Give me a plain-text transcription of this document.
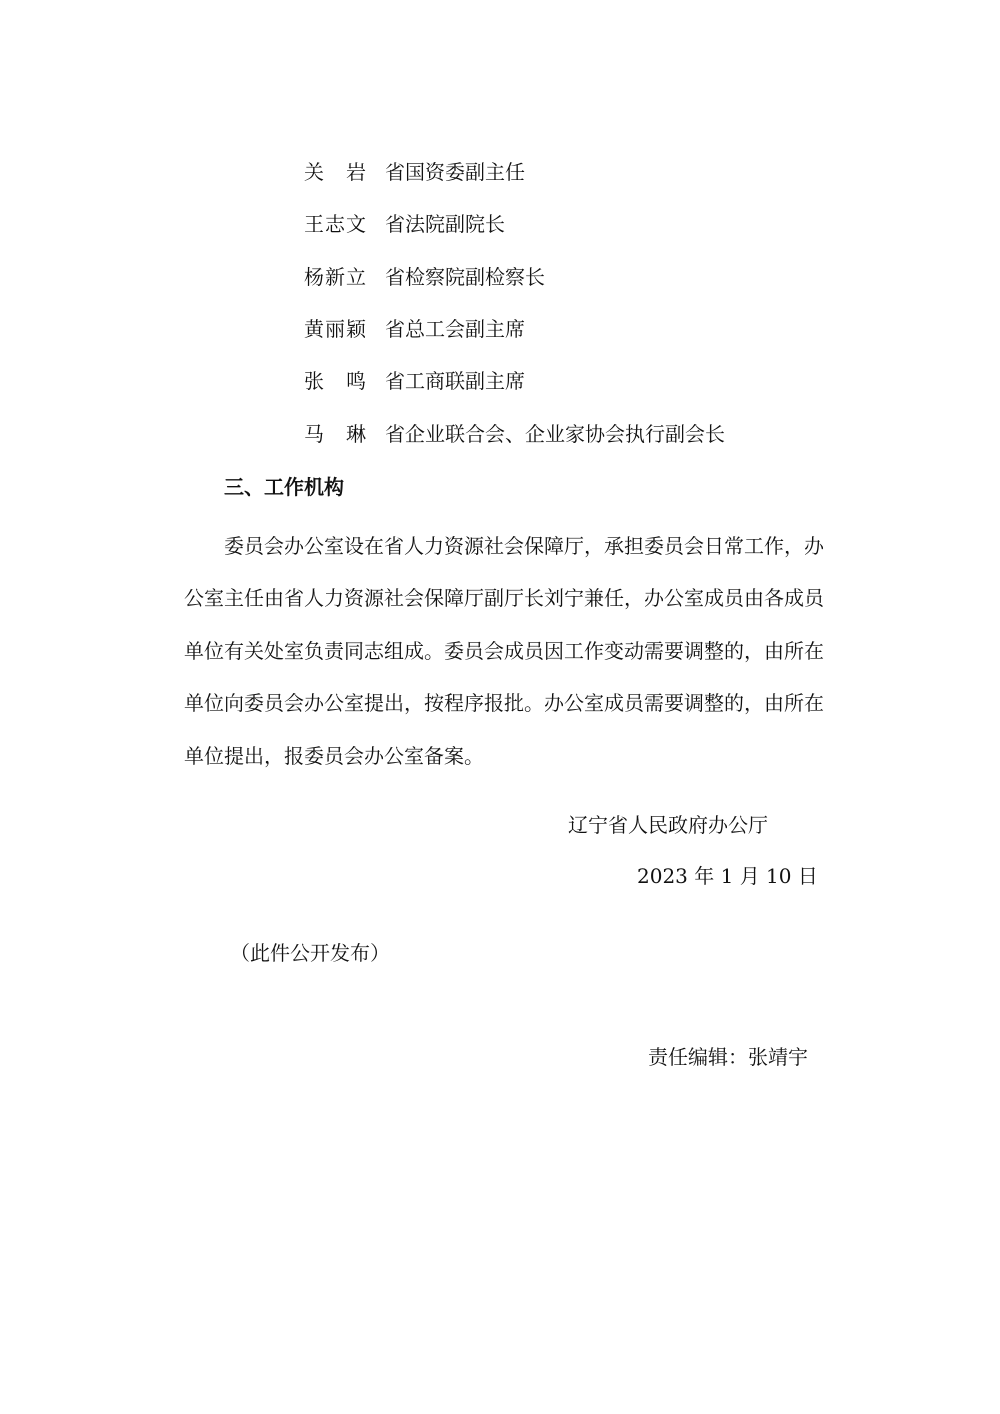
关　岩 省国资委副主任
王志文 省法院副院长
杨新立 省检察院副检察长
黄丽颖 省总工会副主席
张　鸣 省工商联副主席
马　琳 省企业联合会、企业家协会执行副会长
三、工作机构

委员会办公室设在省人力资源社会保障厅，承担委员会日常工作，办公室主任由省人力资源社会保障厅副厅长刘宁兼任，办公室成员由各成员单位有关处室负责同志组成。委员会成员因工作变动需要调整的，由所在单位向委员会办公室提出，按程序报批。办公室成员需要调整的，由所在单位提出，报委员会办公室备案。

辽宁省人民政府办公厅
2023 年 1 月 10 日
（此件公开发布）
责任编辑：张靖宇
